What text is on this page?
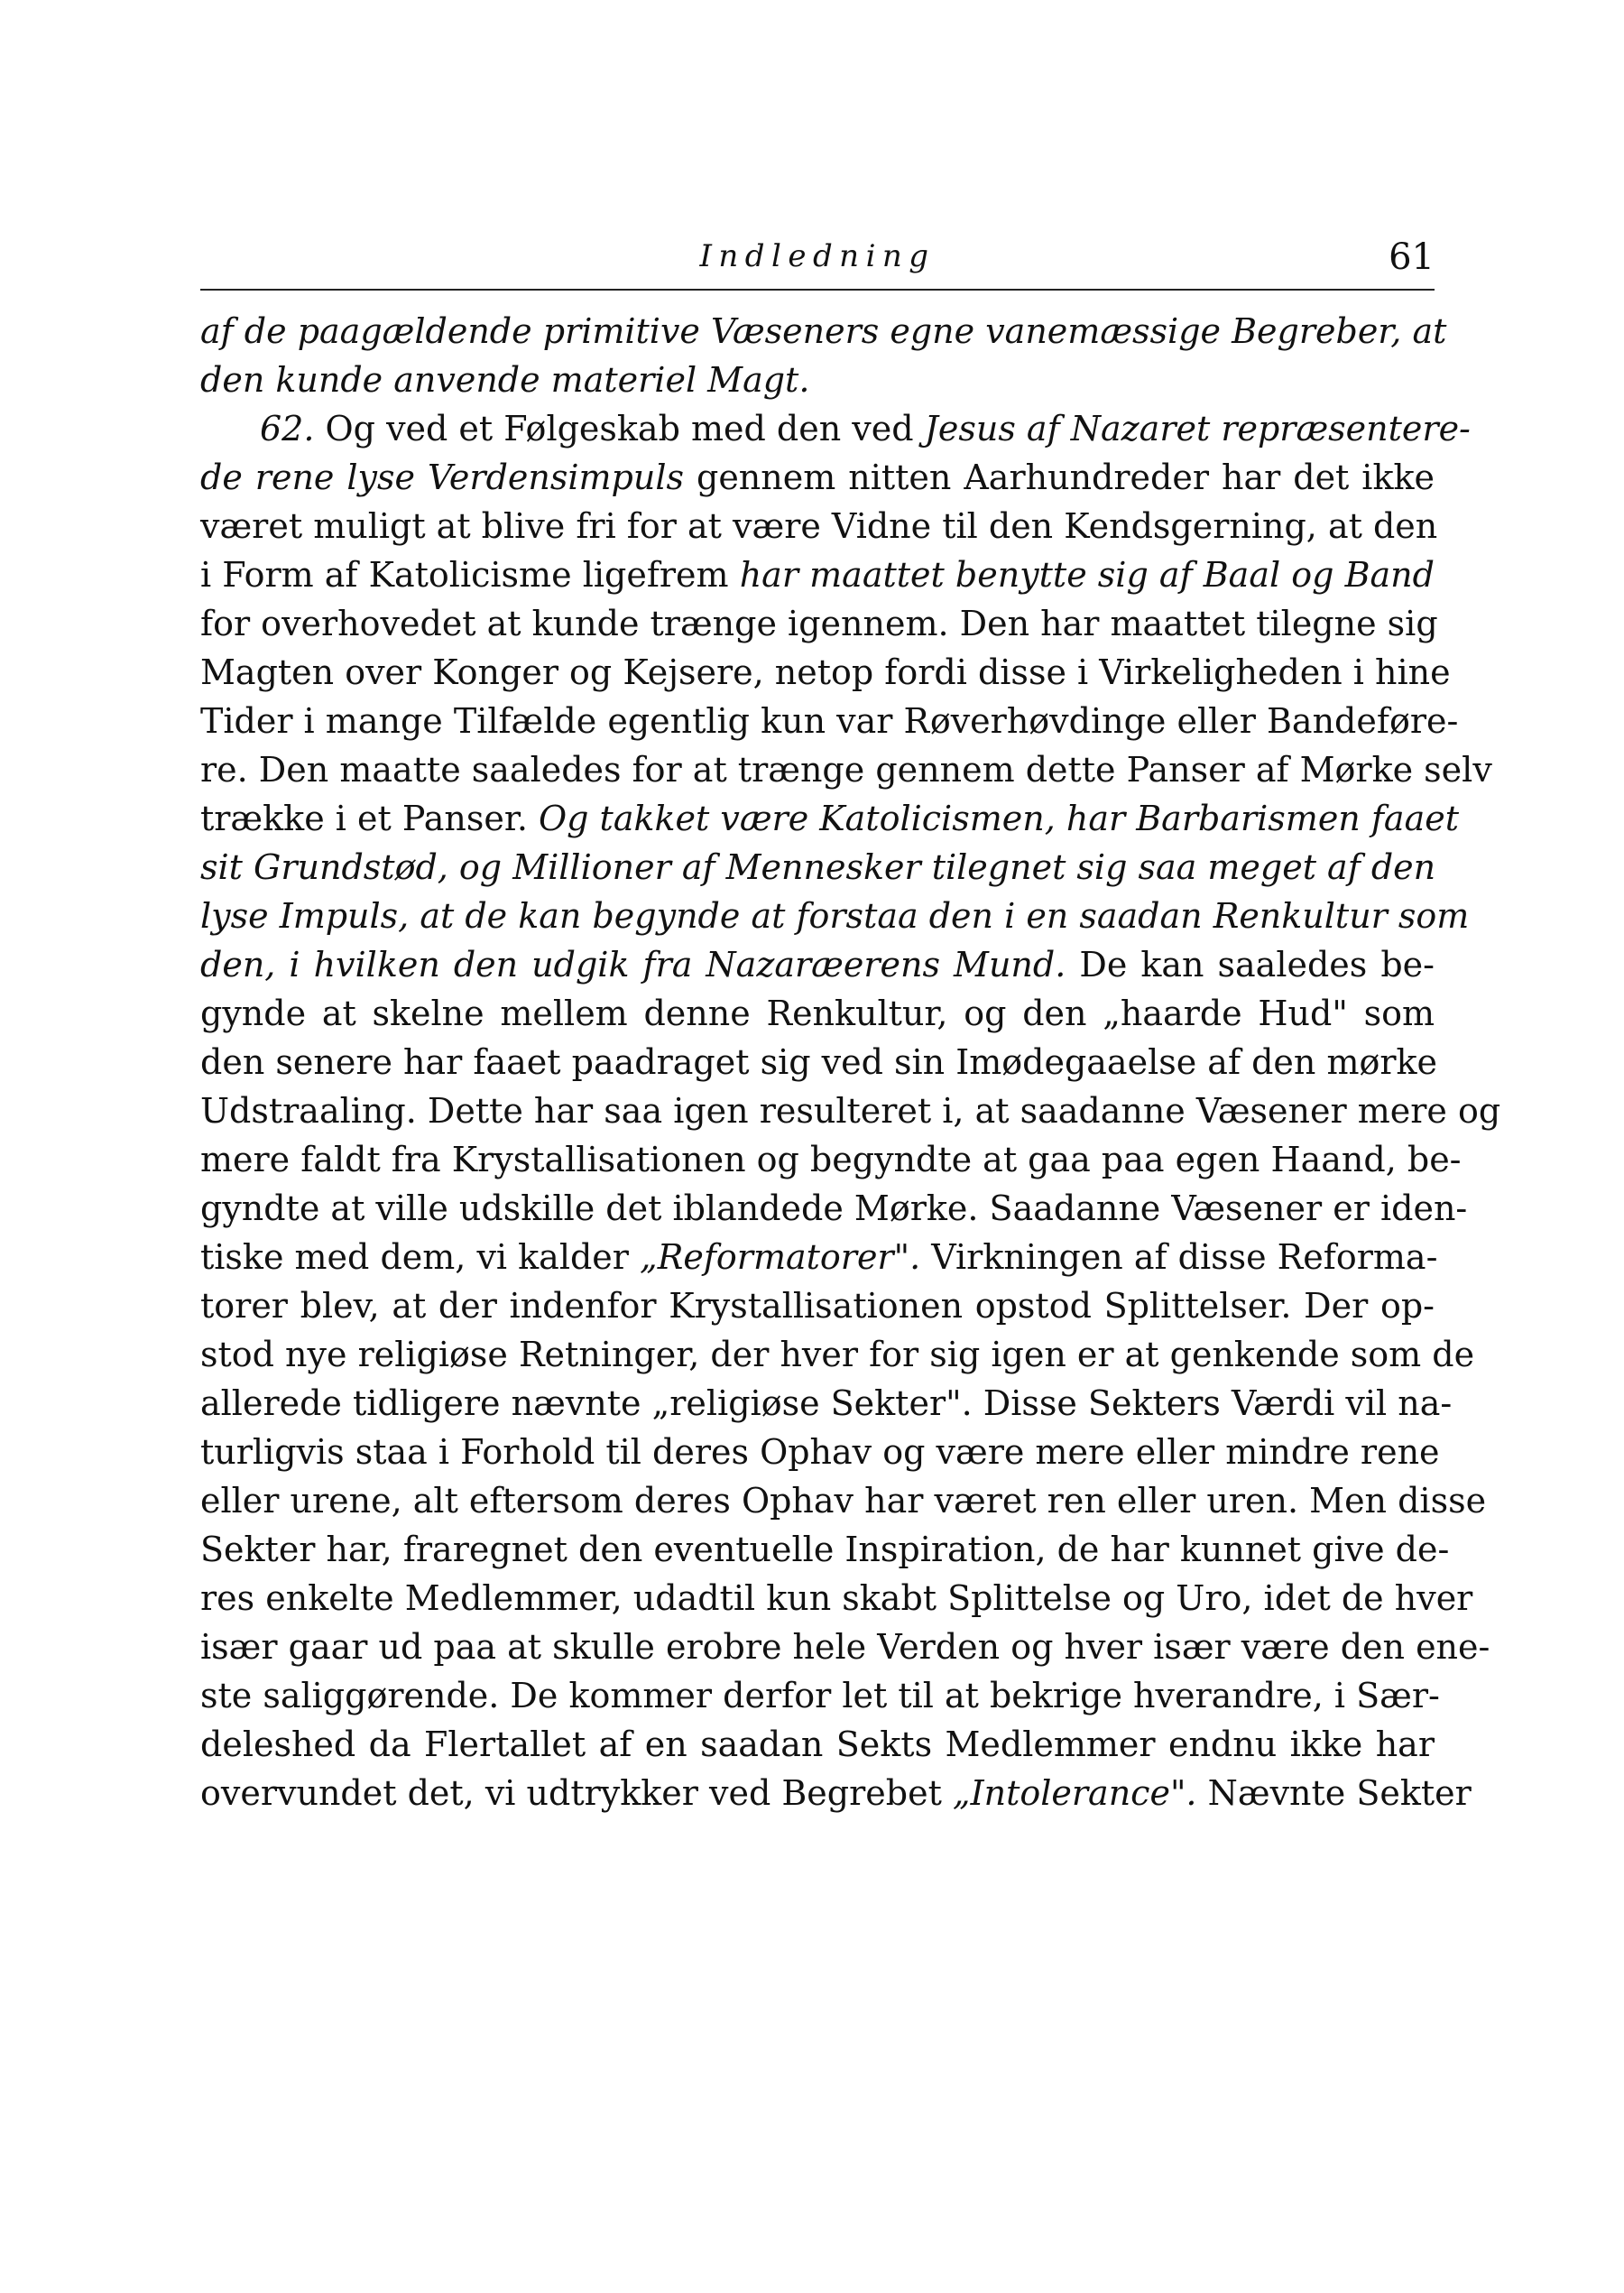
Indledning	61
af de paagældende primitive Væseners egne vanemæssige Begreber, at
den kunde anvende materiel Magt.
62. Og ved et Følgeskab med den ved Jesus af Nazaret repræsentere-
de rene lyse Verdensimpuls gennem nitten Aarhundreder har det ikke
været muligt at blive fri for at være Vidne til den Kendsgerning, at den
i Form af Katolicisme ligefrem har maattet benytte sig af Baal og Band
for overhovedet at kunde trænge igennem. Den har maattet tilegne sig
Magten over Konger og Kejsere, netop fordi disse i Virkeligheden i hine
Tider i mange Tilfælde egentlig kun var Røverhøvdinge eller Bandeføre-
re. Den maatte saaledes for at trænge gennem dette Panser af Mørke selv
trække i et Panser. Og takket være Katolicismen, har Barbarismen faaet
sit Grundstød, og Millioner af Mennesker tilegnet sig saa meget af den
lyse Impuls, at de kan begynde at forstaa den i en saadan Renkultur som
den, i hvilken den udgik fra Nazaræerens Mund. De kan saaledes be-
gynde at skelne mellem denne Renkultur, og den „haarde Hud" som
den senere har faaet paadraget sig ved sin Imødegaaelse af den mørke
Udstraaling. Dette har saa igen resulteret i, at saadanne Væsener mere og
mere faldt fra Krystallisationen og begyndte at gaa paa egen Haand, be-
gyndte at ville udskille det iblandede Mørke. Saadanne Væsener er iden-
tiske med dem, vi kalder „Reformatorer". Virkningen af disse Reforma-
torer blev, at der indenfor Krystallisationen opstod Splittelser. Der op-
stod nye religiøse Retninger, der hver for sig igen er at genkende som de
allerede tidligere nævnte „religiøse Sekter". Disse Sekters Værdi vil na-
turligvis staa i Forhold til deres Ophav og være mere eller mindre rene
eller urene, alt eftersom deres Ophav har været ren eller uren. Men disse
Sekter har, fraregnet den eventuelle Inspiration, de har kunnet give de-
res enkelte Medlemmer, udadtil kun skabt Splittelse og Uro, idet de hver
især gaar ud paa at skulle erobre hele Verden og hver især være den ene-
ste saliggørende. De kommer derfor let til at bekrige hverandre, i Sær-
deleshed da Flertallet af en saadan Sekts Medlemmer endnu ikke har
overvundet det, vi udtrykker ved Begrebet „Intolerance". Nævnte Sekter
